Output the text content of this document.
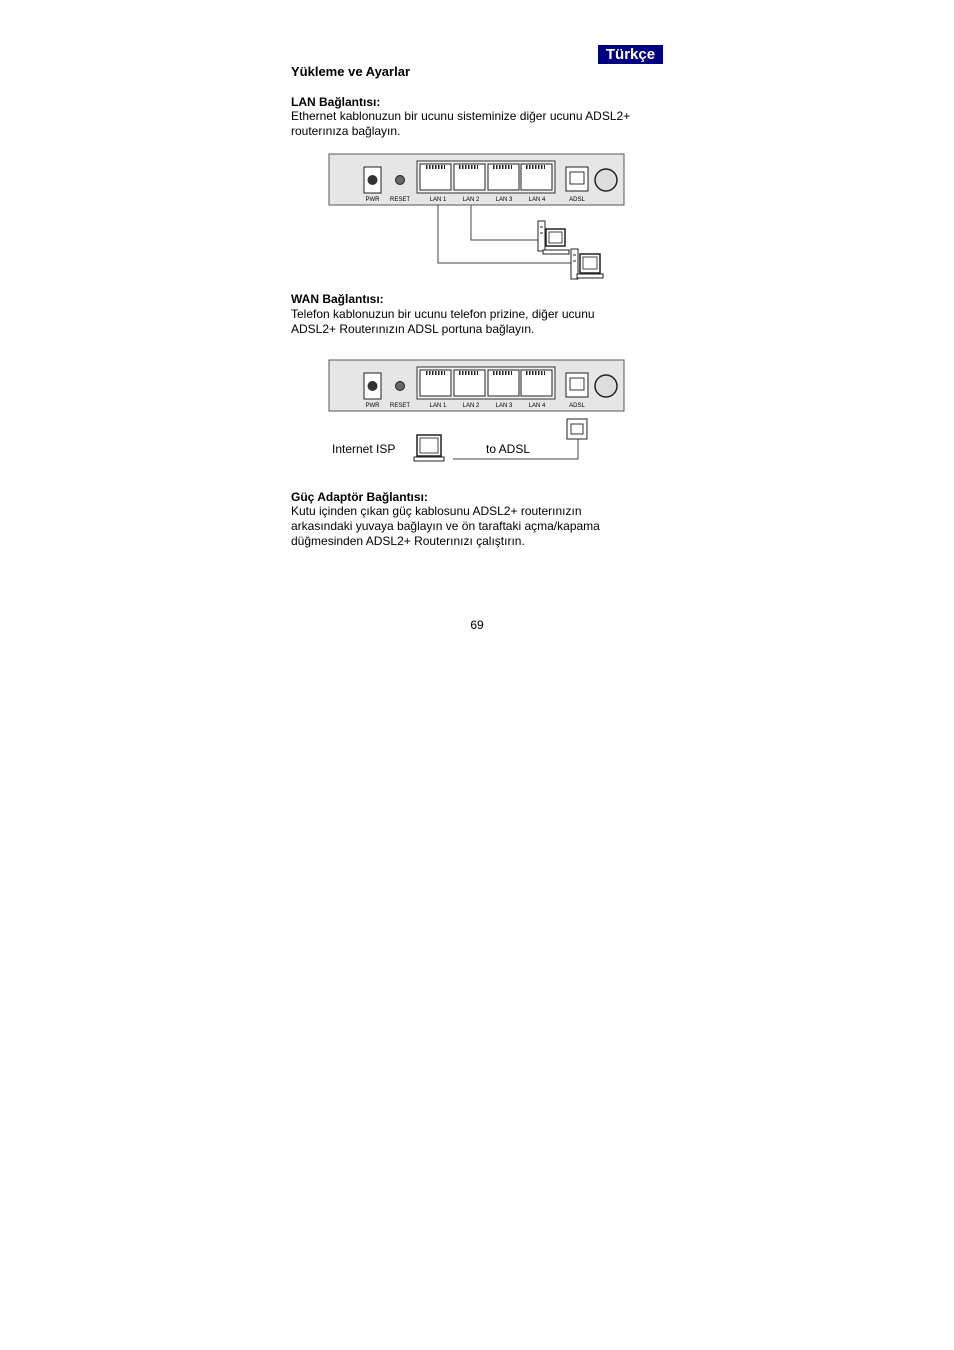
Türkçe
Yükleme ve Ayarlar
LAN Bağlantısı:
Ethernet kablonuzun bir ucunu sisteminize diğer ucunu ADSL2+
routerınıza bağlayın.
PWR RESET	LAN 1	LAN 2	LAN 3	LAN 4	ADSL
WAN Bağlantısı:
Telefon kablonuzun bir ucunu telefon prizine, diğer ucunu
ADSL2+ Routerınızın ADSL portuna bağlayın.
PWR RESET	LAN 1	LAN 2	LAN 3	LAN 4	ADSL
Internet ISP	to ADSL
Güç Adaptör Bağlantısı:
Kutu içinden çıkan güç kablosunu ADSL2+ routerınızın
arkasındaki yuvaya bağlayın ve ön taraftaki açma/kapama
düğmesinden ADSL2+ Routerınızı çalıştırın.
69
